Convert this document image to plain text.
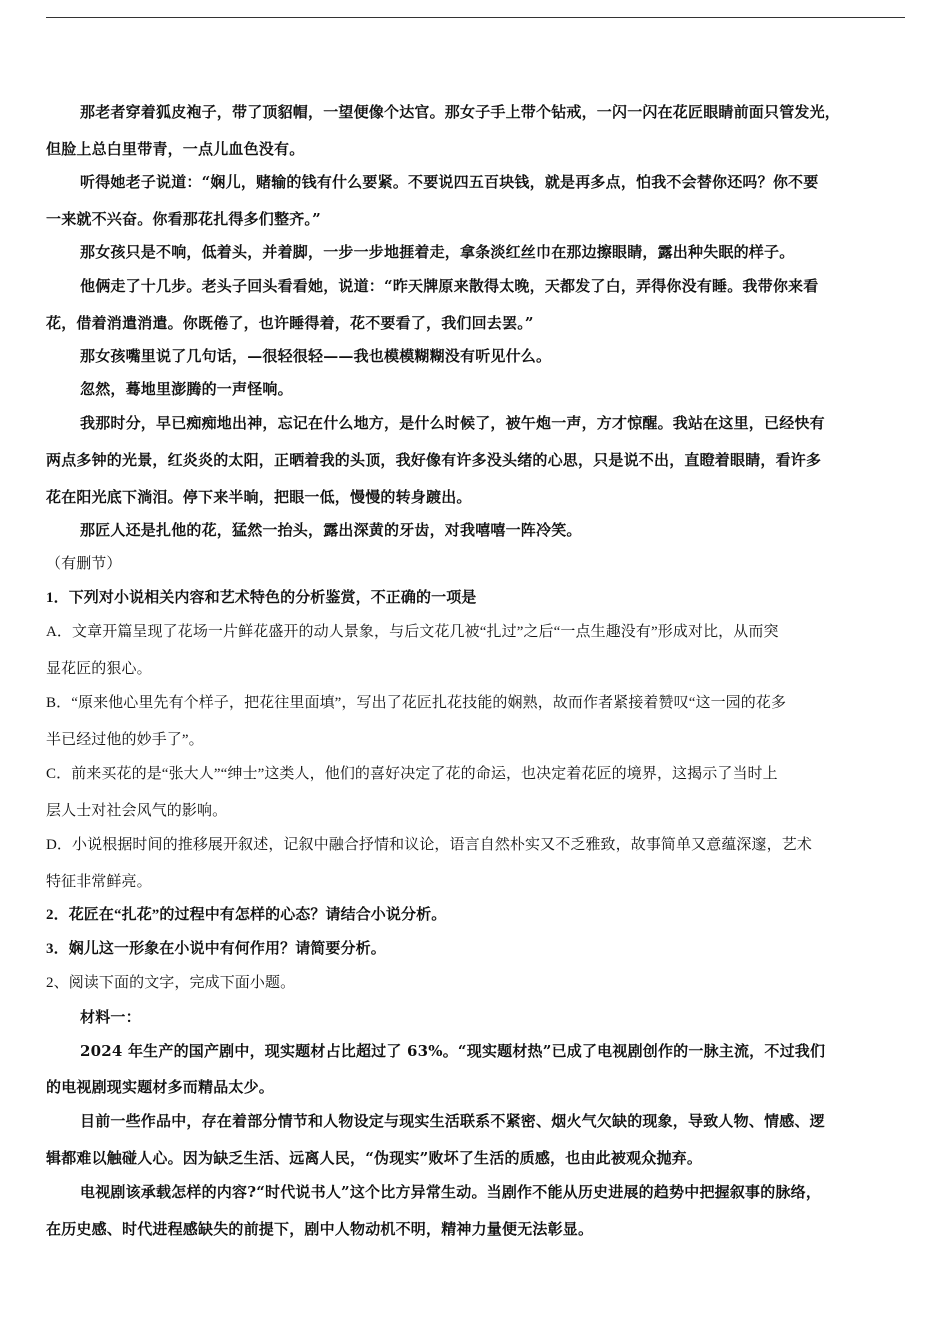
那老者穿着狐皮袍子，带了顶貂帽，一望便像个达官。那女子手上带个钻戒，一闪一闪在花匠眼睛前面只管发光，
但脸上总白里带青，一点儿血色没有。
听得她老子说道：“娴儿，赌输的钱有什么要紧。不要说四五百块钱，就是再多点，怕我不会替你还吗？你不要
一来就不兴奋。你看那花扎得多们整齐。”
那女孩只是不响，低着头，并着脚，一步一步地捱着走，拿条淡红丝巾在那边擦眼睛，露出种失眠的样子。
他俩走了十几步。老头子回头看看她，说道：“昨天牌原来散得太晚，天都发了白，弄得你没有睡。我带你来看
花，借着消遣消遣。你既倦了，也许睡得着，花不要看了，我们回去罢。”
那女孩嘴里说了几句话，—很轻很轻——我也模模糊糊没有听见什么。
忽然，蓦地里澎腾的一声怪响。
我那时分，早已痴痴地出神，忘记在什么地方，是什么时候了，被午炮一声，方才惊醒。我站在这里，已经快有
两点多钟的光景，红炎炎的太阳，正晒着我的头顶，我好像有许多没头绪的心思，只是说不出，直瞪着眼睛，看许多
花在阳光底下淌泪。停下来半晌，把眼一低，慢慢的转身踱出。
那匠人还是扎他的花，猛然一抬头，露出深黄的牙齿，对我嘻嘻一阵冷笑。
（有删节）
1．下列对小说相关内容和艺术特色的分析鉴赏，不正确的一项是
A．文章开篇呈现了花场一片鲜花盛开的动人景象，与后文花几被“扎过”之后“一点生趣没有”形成对比，从而突
显花匠的狠心。
B．“原来他心里先有个样子，把花往里面填”，写出了花匠扎花技能的娴熟，故而作者紧接着赞叹“这一园的花多
半已经过他的妙手了”。
C．前来买花的是“张大人”“绅士”这类人，他们的喜好决定了花的命运，也决定着花匠的境界，这揭示了当时上
层人士对社会风气的影响。
D．小说根据时间的推移展开叙述，记叙中融合抒情和议论，语言自然朴实又不乏雅致，故事简单又意蕴深邃，艺术
特征非常鲜亮。
2．花匠在“扎花”的过程中有怎样的心态？请结合小说分析。
3．娴儿这一形象在小说中有何作用？请简要分析。
2、阅读下面的文字，完成下面小题。
材料一：
2024 年生产的国产剧中，现实题材占比超过了 63%。“现实题材热”已成了电视剧创作的一脉主流，不过我们
的电视剧现实题材多而精品太少。
目前一些作品中，存在着部分情节和人物设定与现实生活联系不紧密、烟火气欠缺的现象，导致人物、情感、逻
辑都难以触碰人心。因为缺乏生活、远离人民，“伪现实”败坏了生活的质感，也由此被观众抛弃。
电视剧该承载怎样的内容?“时代说书人”这个比方异常生动。当剧作不能从历史进展的趋势中把握叙事的脉络，
在历史感、时代进程感缺失的前提下，剧中人物动机不明，精神力量便无法彰显。
